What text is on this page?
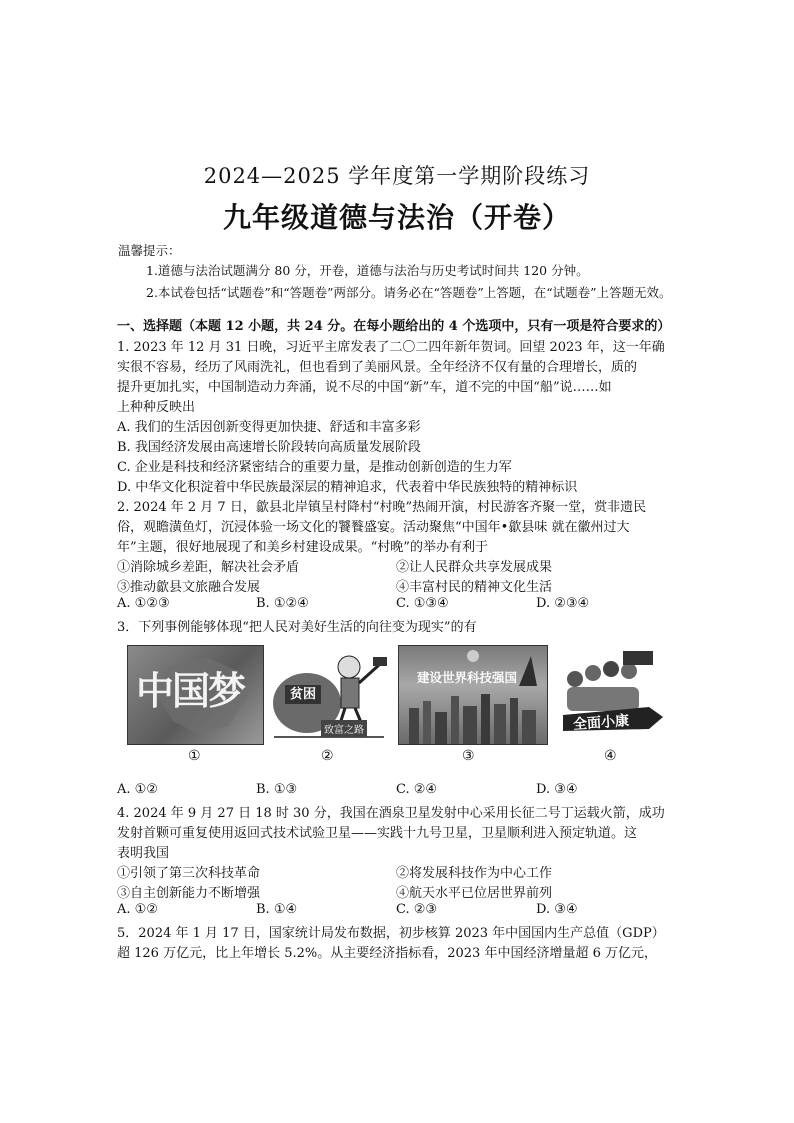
2024—2025 学年度第一学期阶段练习
九年级道德与法治（开卷）
温馨提示：
1.道德与法治试题满分 80 分，开卷，道德与法治与历史考试时间共 120 分钟。
2.本试卷包括“试题卷”和“答题卷”两部分。请务必在“答题卷”上答题，在“试题卷”上答题无效。
一、选择题（本题 12 小题，共 24 分。在每小题给出的 4 个选项中，只有一项是符合要求的）
1. 2023 年 12 月 31 日晚，习近平主席发表了二〇二四年新年贺词。回望 2023 年，这一年确
实很不容易，经历了风雨洗礼，但也看到了美丽风景。全年经济不仅有量的合理增长，质的
提升更加扎实，中国制造动力奔涌，说不尽的中国“新”车，道不完的中国“船”说……如
上种种反映出
A. 我们的生活因创新变得更加快捷、舒适和丰富多彩
B. 我国经济发展由高速增长阶段转向高质量发展阶段
C. 企业是科技和经济紧密结合的重要力量，是推动创新创造的生力军
D. 中华文化积淀着中华民族最深层的精神追求，代表着中华民族独特的精神标识
2. 2024 年 2 月 7 日，歙县北岸镇呈村降村“村晚”热闹开演，村民游客齐聚一堂，赏非遗民
俗，观瞻潢鱼灯，沉浸体验一场文化的饕餮盛宴。活动聚焦“中国年•歙县味 就在徽州过大
年”主题，很好地展现了和美乡村建设成果。“村晚”的举办有利于
①消除城乡差距，解决社会矛盾	②让人民群众共享发展成果
③推动歙县文旅融合发展	④丰富村民的精神文化生活
A. ①②③	B. ①②④	C. ①③④	D. ②③④
3．下列事例能够体现“把人民对美好生活的向往变为现实”的有
中国梦	贫困
致富之路
建设世界科技强国
全面小康
①	②	③	④
A. ①②	B. ①③	C. ②④	D. ③④
4. 2024 年 9 月 27 日 18 时 30 分，我国在酒泉卫星发射中心采用长征二号丁运载火箭，成功
发射首颗可重复使用返回式技术试验卫星——实践十九号卫星，卫星顺利进入预定轨道。这
表明我国
①引领了第三次科技革命	②将发展科技作为中心工作
③自主创新能力不断增强	④航天水平已位居世界前列
A. ①②	B. ①④	C. ②③	D. ③④
5．2024 年 1 月 17 日，国家统计局发布数据，初步核算 2023 年中国国内生产总值（GDP）
超 126 万亿元，比上年增长 5.2%。从主要经济指标看，2023 年中国经济增量超 6 万亿元，
